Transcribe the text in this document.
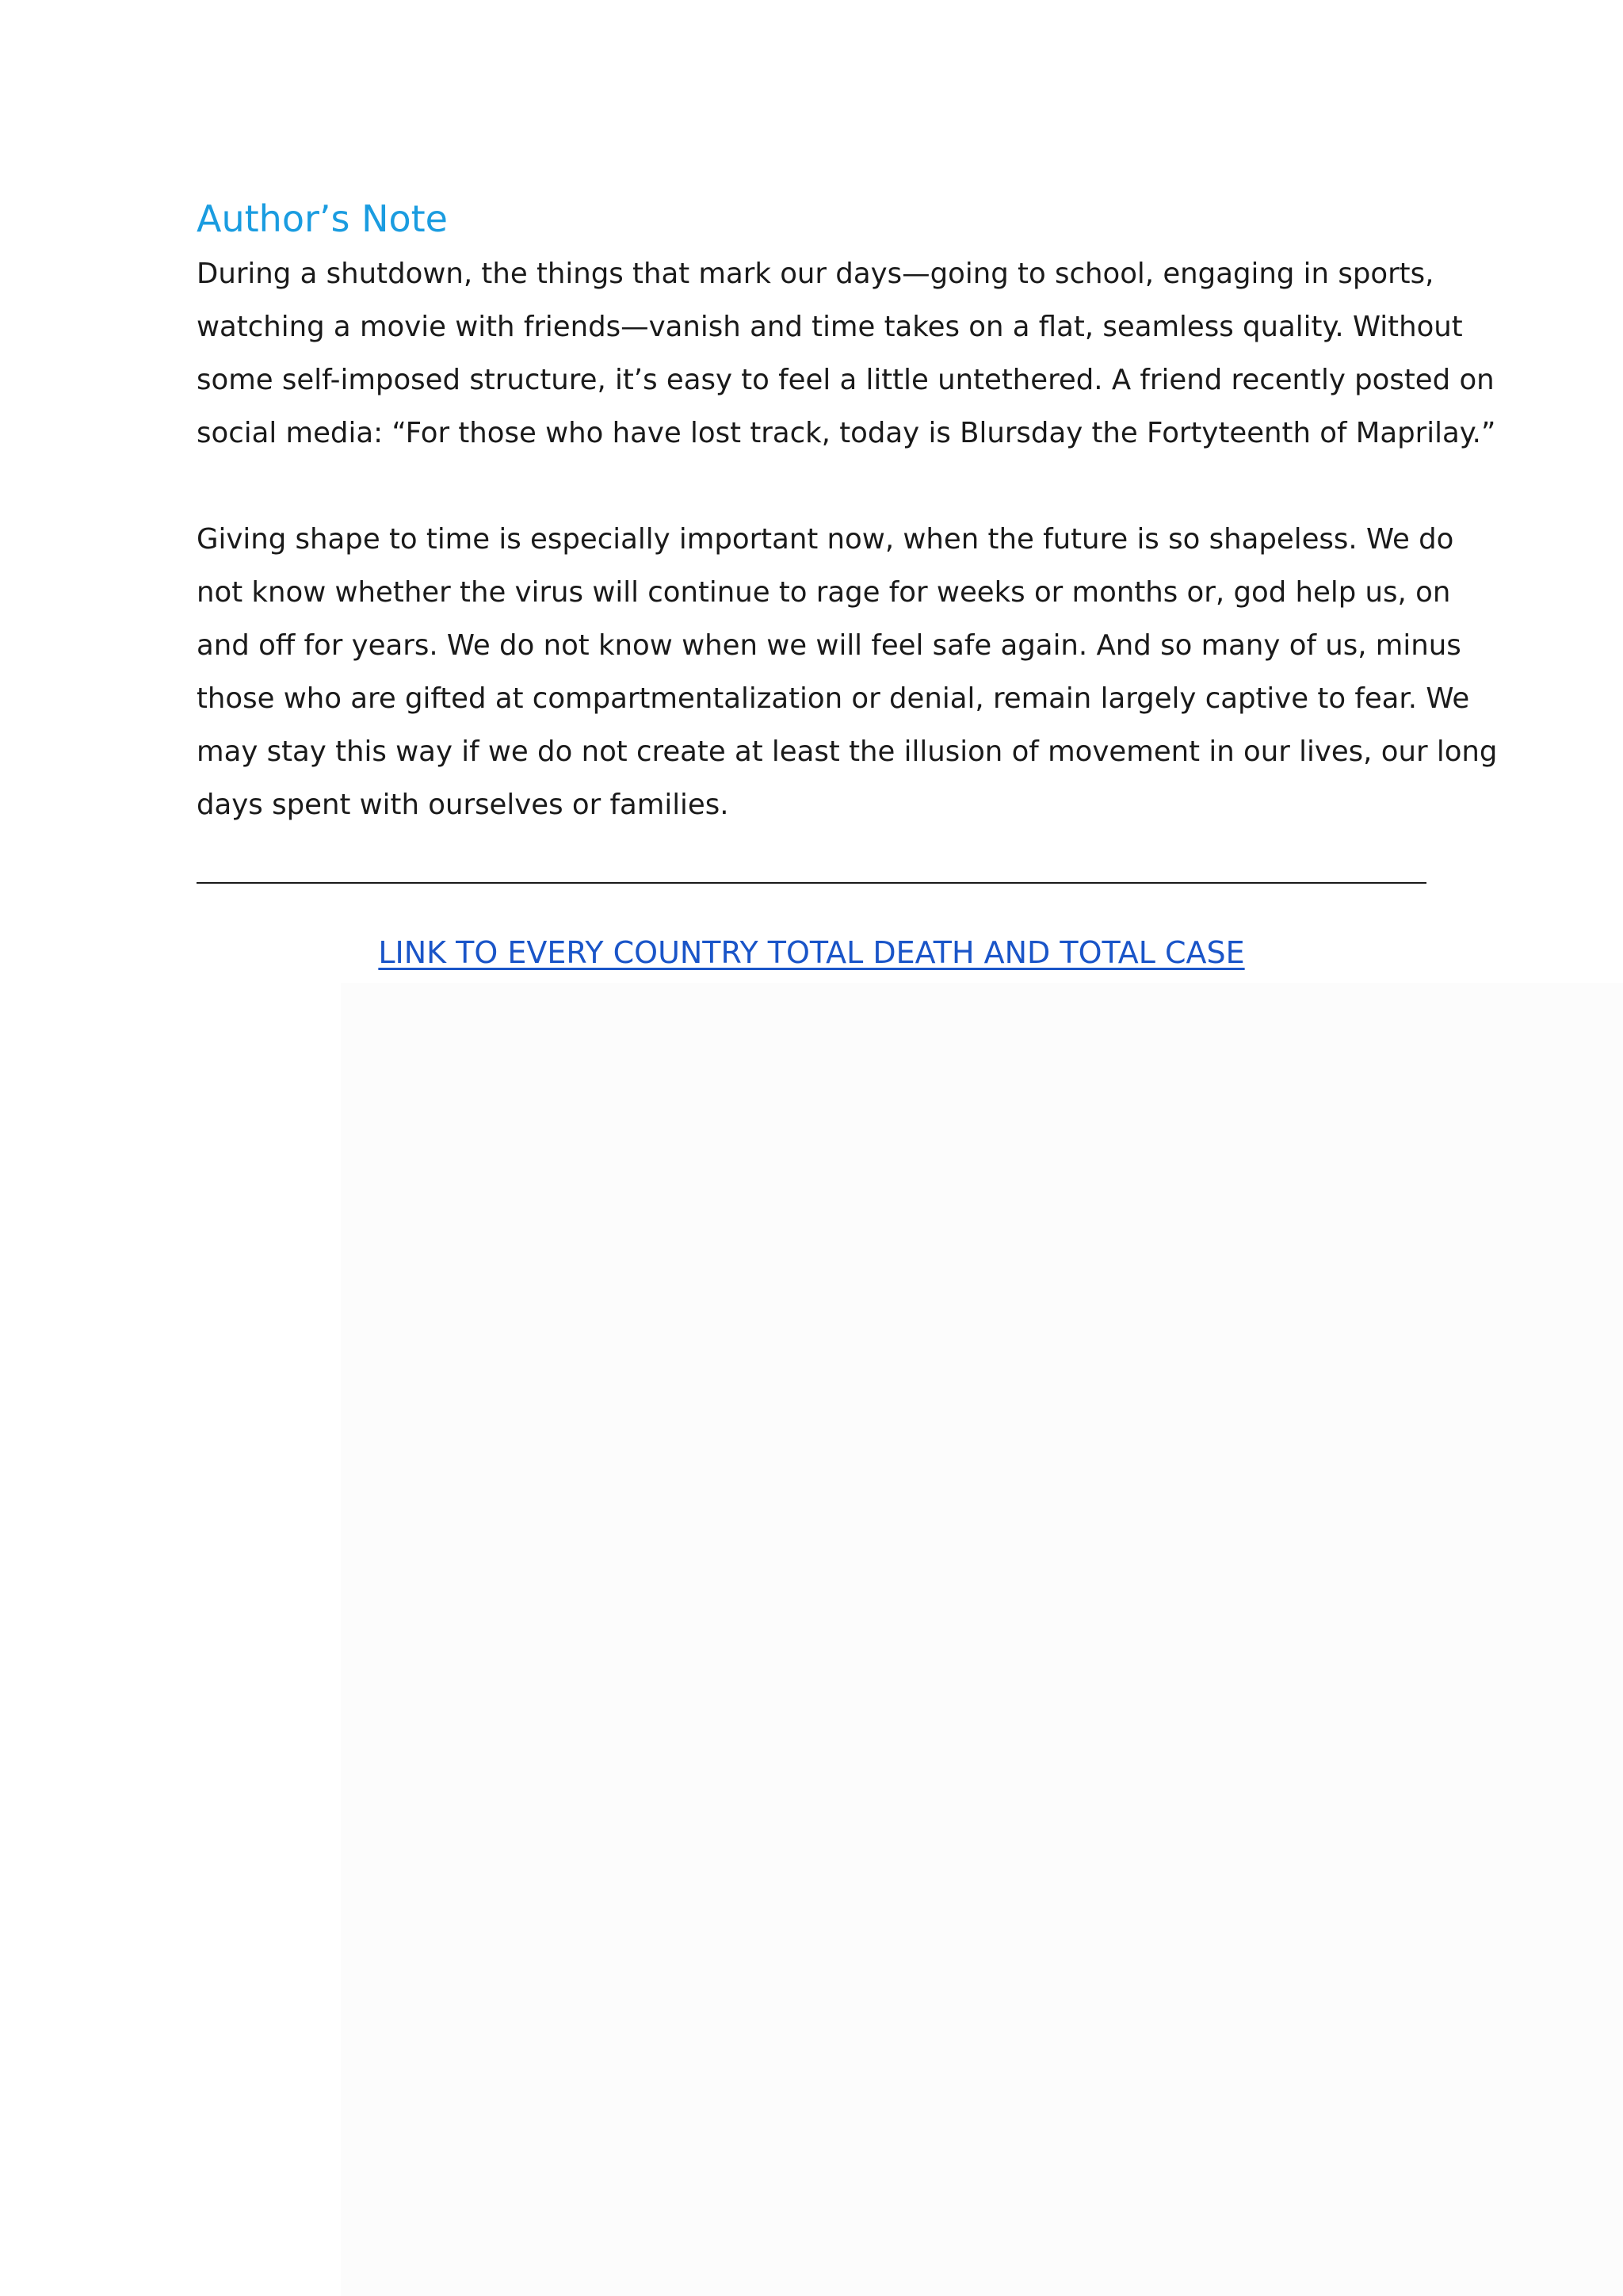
Author’s Note

During a shutdown, the things that mark our days—going to school, engaging in sports,
watching a movie with friends—vanish and time takes on a flat, seamless quality. Without
some self-imposed structure, it’s easy to feel a little untethered. A friend recently posted on
social media: “For those who have lost track, today is Blursday the Fortyteenth of Maprilay.”

Giving shape to time is especially important now, when the future is so shapeless. We do
not know whether the virus will continue to rage for weeks or months or, god help us, on
and off for years. We do not know when we will feel safe again. And so many of us, minus
those who are gifted at compartmentalization or denial, remain largely captive to fear. We
may stay this way if we do not create at least the illusion of movement in our lives, our long
days spent with ourselves or families.

LINK TO EVERY COUNTRY TOTAL DEATH AND TOTAL CASE
